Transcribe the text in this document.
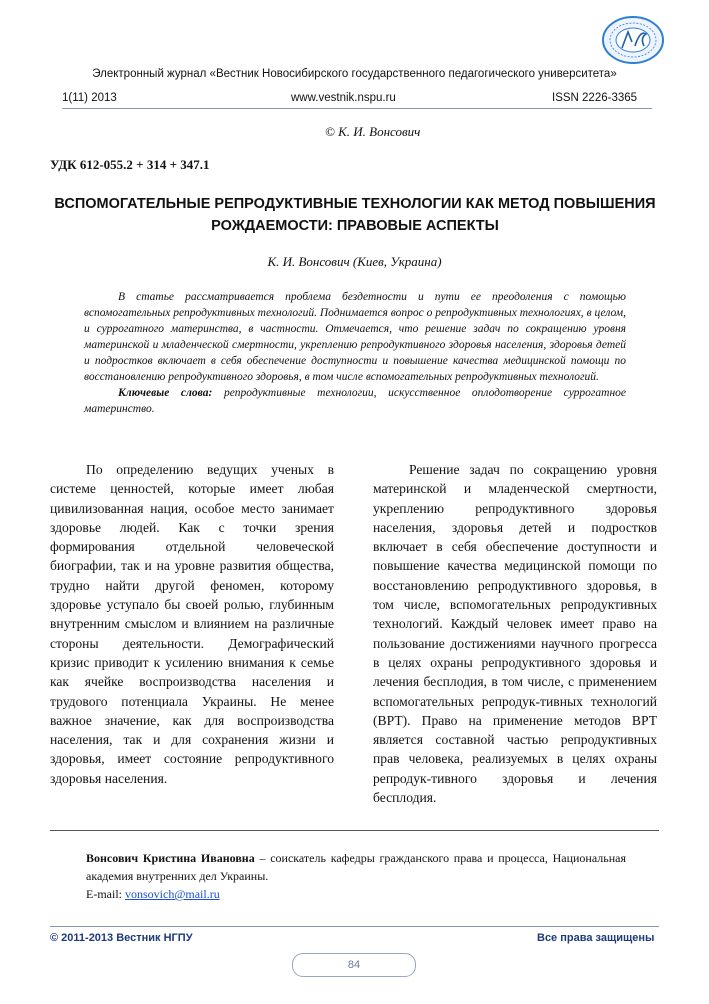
Электронный журнал «Вестник Новосибирского государственного педагогического университета»
1(11) 2013	www.vestnik.nspu.ru	ISSN 2226-3365
© К. И. Вонсович
УДК 612-055.2 + 314 + 347.1
ВСПОМОГАТЕЛЬНЫЕ РЕПРОДУКТИВНЫЕ ТЕХНОЛОГИИ КАК МЕТОД ПОВЫШЕНИЯ
РОЖДАЕМОСТИ: ПРАВОВЫЕ АСПЕКТЫ
К. И. Вонсович (Киев, Украина)

В статье рассматривается проблема бездетности и пути ее преодоления с помощью вспомогательных репродуктивных технологий. Поднимается вопрос о репродуктивных технологиях, в целом, и суррогатного материнства, в частности. Отмечается, что решение задач по сокращению уровня материнской и младенческой смертности, укреплению репродуктивного здоровья населения, здоровья детей и подростков включает в себя обеспечение доступности и повышение качества медицинской помощи по восстановлению репродуктивного здоровья, в том числе вспомогательных репродуктивных технологий.

Ключевые слова: репродуктивные технологии, искусственное оплодотворение суррогатное материнство.

По определению ведущих ученых в системе ценностей, которые имеет любая цивилизованная нация, особое место занимает здоровье людей. Как с точки зрения формирования отдельной человеческой биографии, так и на уровне развития общества, трудно найти другой феномен, которому здоровье уступало бы своей ролью, глубинным внутренним смыслом и влиянием на различные стороны деятельности. Демографический кризис приводит к усилению внимания к семье как ячейке воспроизводства населения и трудового потенциала Украины. Не менее важное значение, как для воспроизводства населения, так и для сохранения жизни и здоровья, имеет состояние репродуктивного здоровья населения.

Решение задач по сокращению уровня материнской и младенческой смертности, укреплению репродуктивного здоровья населения, здоровья детей и подростков включает в себя обеспечение доступности и повышение качества медицинской помощи по восстановлению репродуктивного здоровья, в том числе, вспомогательных репродуктивных технологий. Каждый человек имеет право на пользование достижениями научного прогресса в целях охраны репродуктивного здоровья и лечения бесплодия, в том числе, с применением вспомогательных репродук-тивных технологий (ВРТ). Право на применение методов ВРТ является составной частью репродуктивных прав человека, реализуемых в целях охраны репродук-тивного здоровья и лечения бесплодия.

Вонсович Кристина Ивановна – соискатель кафедры гражданского права и процесса, Национальная академия внутренних дел Украины.

E-mail: vonsovich@mail.ru

© 2011-2013 Вестник НГПУ	Все права защищены
84
